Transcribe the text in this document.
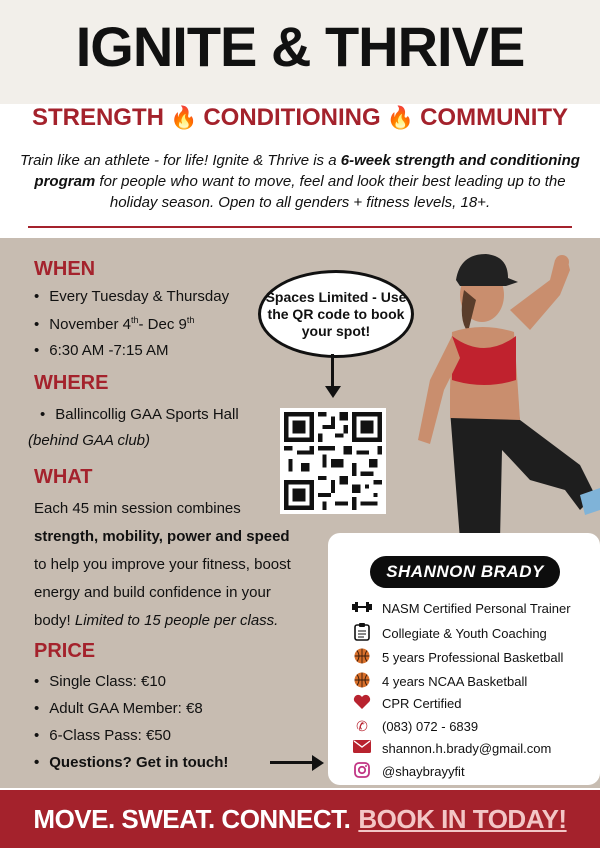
IGNITE & THRIVE
STRENGTH 🔥 CONDITIONING 🔥 COMMUNITY
Train like an athlete - for life! Ignite & Thrive is a 6-week strength and conditioning program for people who want to move, feel and look their best leading up to the holiday season. Open to all genders + fitness levels, 18+.
WHEN
• Every Tuesday & Thursday
• November 4th- Dec 9th
• 6:30 AM -7:15 AM
WHERE
• Ballincollig GAA Sports Hall
(behind GAA club)
WHAT
Each 45 min session combines
strength, mobility, power and speed
to help you improve your fitness, boost
energy and build confidence in your
body! Limited to 15 people per class.
PRICE
• Single Class: €10
• Adult GAA Member: €8
• 6-Class Pass: €50
• Questions? Get in touch!
Spaces Limited - Use the QR code to book your spot!
SHANNON BRADY
NASM Certified Personal Trainer
Collegiate & Youth Coaching
5 years Professional Basketball
4 years NCAA Basketball
CPR Certified
✆	(083) 072 - 6839
shannon.h.brady@gmail.com
@shaybrayyfit
MOVE. SWEAT. CONNECT. BOOK IN TODAY!
